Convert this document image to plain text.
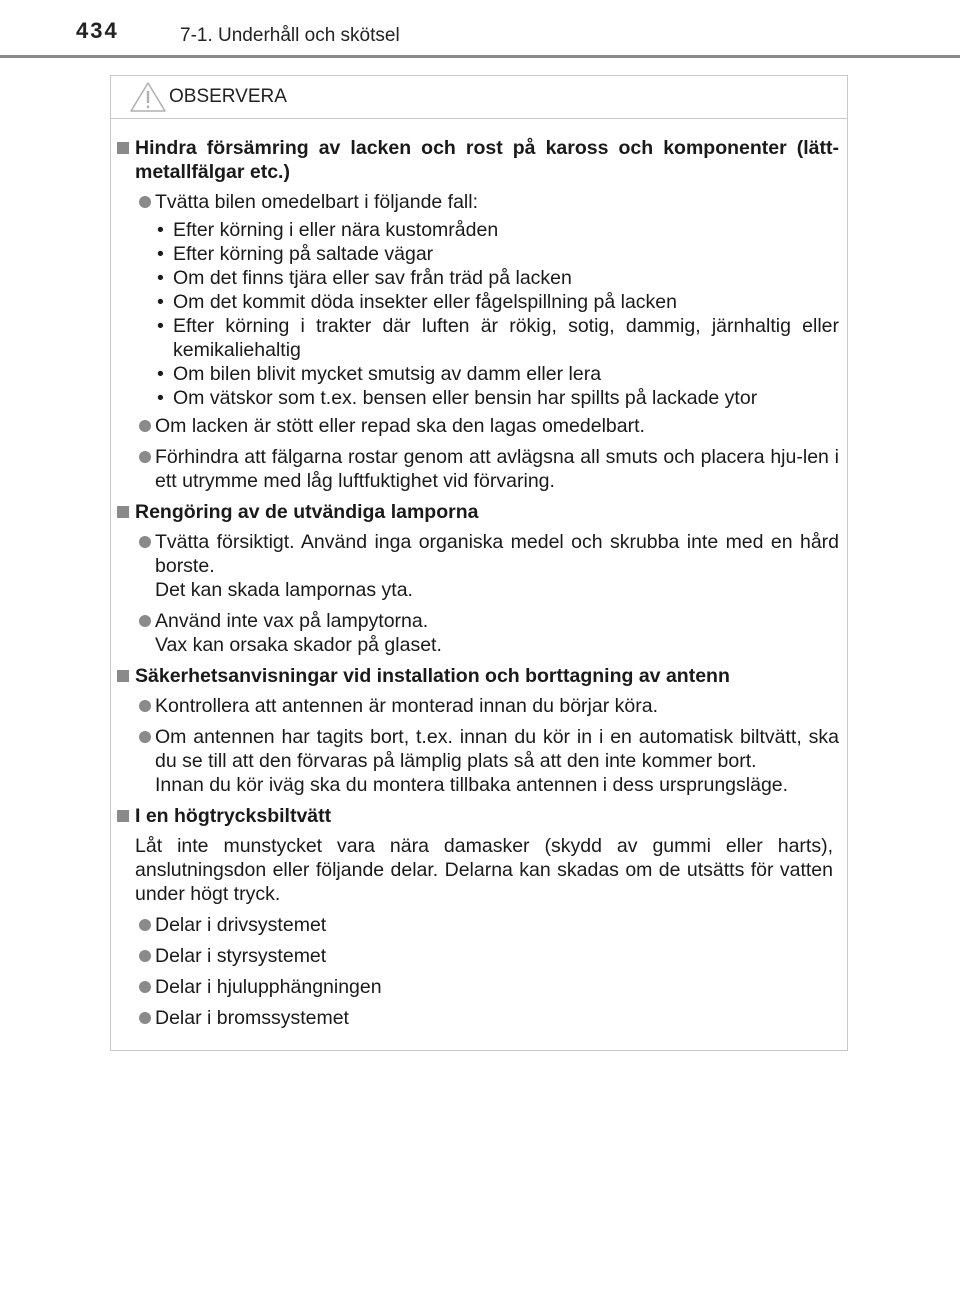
434	7-1. Underhåll och skötsel
OBSERVERA
Hindra försämring av lacken och rost på kaross och komponenter (lätt-metallfälgar etc.)
Tvätta bilen omedelbart i följande fall:
• Efter körning i eller nära kustområden
• Efter körning på saltade vägar
• Om det finns tjära eller sav från träd på lacken
• Om det kommit döda insekter eller fågelspillning på lacken
• Efter körning i trakter där luften är rökig, sotig, dammig, järnhaltig eller kemikaliehaltig
• Om bilen blivit mycket smutsig av damm eller lera
• Om vätskor som t.ex. bensen eller bensin har spillts på lackade ytor
Om lacken är stött eller repad ska den lagas omedelbart.
Förhindra att fälgarna rostar genom att avlägsna all smuts och placera hju-len i ett utrymme med låg luftfuktighet vid förvaring.
Rengöring av de utvändiga lamporna
Tvätta försiktigt. Använd inga organiska medel och skrubba inte med en hård borste.
Det kan skada lampornas yta.
Använd inte vax på lampytorna.
Vax kan orsaka skador på glaset.
Säkerhetsanvisningar vid installation och borttagning av antenn
Kontrollera att antennen är monterad innan du börjar köra.
Om antennen har tagits bort, t.ex. innan du kör in i en automatisk biltvätt, ska du se till att den förvaras på lämplig plats så att den inte kommer bort.
Innan du kör iväg ska du montera tillbaka antennen i dess ursprungsläge.
I en högtrycksbiltvätt
Låt inte munstycket vara nära damasker (skydd av gummi eller harts), anslutningsdon eller följande delar. Delarna kan skadas om de utsätts för vatten under högt tryck.
Delar i drivsystemet
Delar i styrsystemet
Delar i hjulupphängningen
Delar i bromssystemet
